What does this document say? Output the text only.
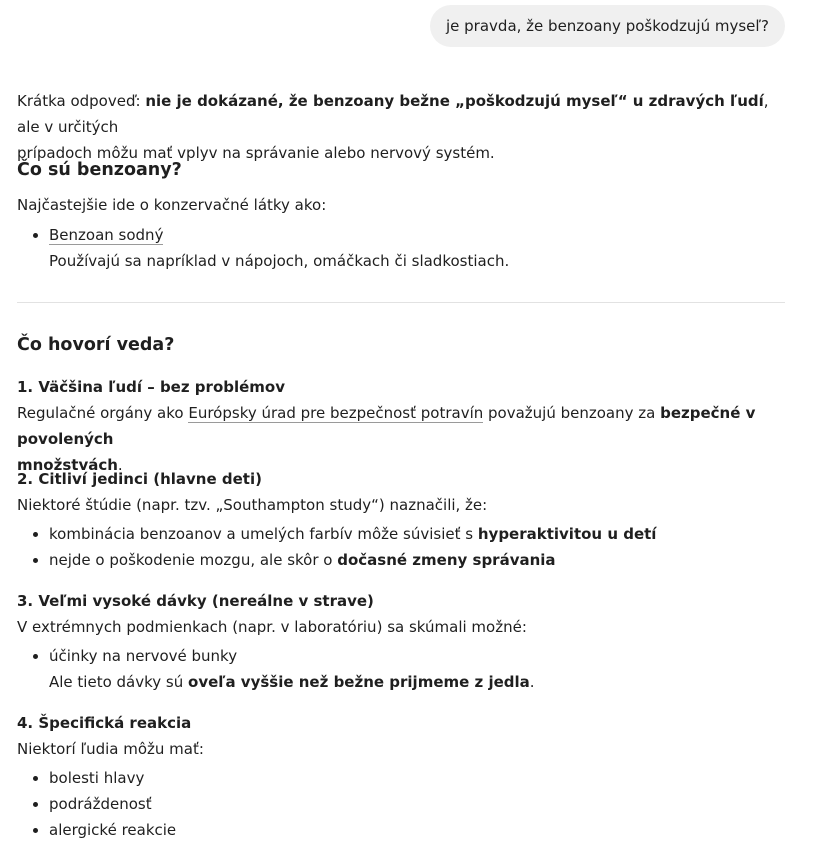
je pravda, že benzoany poškodzujú myseľ?

Krátka odpoveď: nie je dokázané, že benzoany bežne „poškodzujú myseľ“ u zdravých ľudí, ale v určitých
prípadoch môžu mať vplyv na správanie alebo nervový systém.

Čo sú benzoany?

Najčastejšie ide o konzervačné látky ako:

• Benzoan sodný
Používajú sa napríklad v nápojoch, omáčkach či sladkostiach.
Čo hovorí veda?

1. Väčšina ľudí – bez problémov

Regulačné orgány ako Európsky úrad pre bezpečnosť potravín považujú benzoany za bezpečné v povolených
množstvách.

2. Citliví jedinci (hlavne deti)

Niektoré štúdie (napr. tzv. „Southampton study“) naznačili, že:

• kombinácia benzoanov a umelých farbív môže súvisieť s hyperaktivitou u detí
• nejde o poškodenie mozgu, ale skôr o dočasné zmeny správania

3. Veľmi vysoké dávky (nereálne v strave)

V extrémnych podmienkach (napr. v laboratóriu) sa skúmali možné:

• účinky na nervové bunky
Ale tieto dávky sú oveľa vyššie než bežne prijmeme z jedla.

4. Špecifická reakcia

Niektorí ľudia môžu mať:

• bolesti hlavy
• podráždenosť
• alergické reakcie
